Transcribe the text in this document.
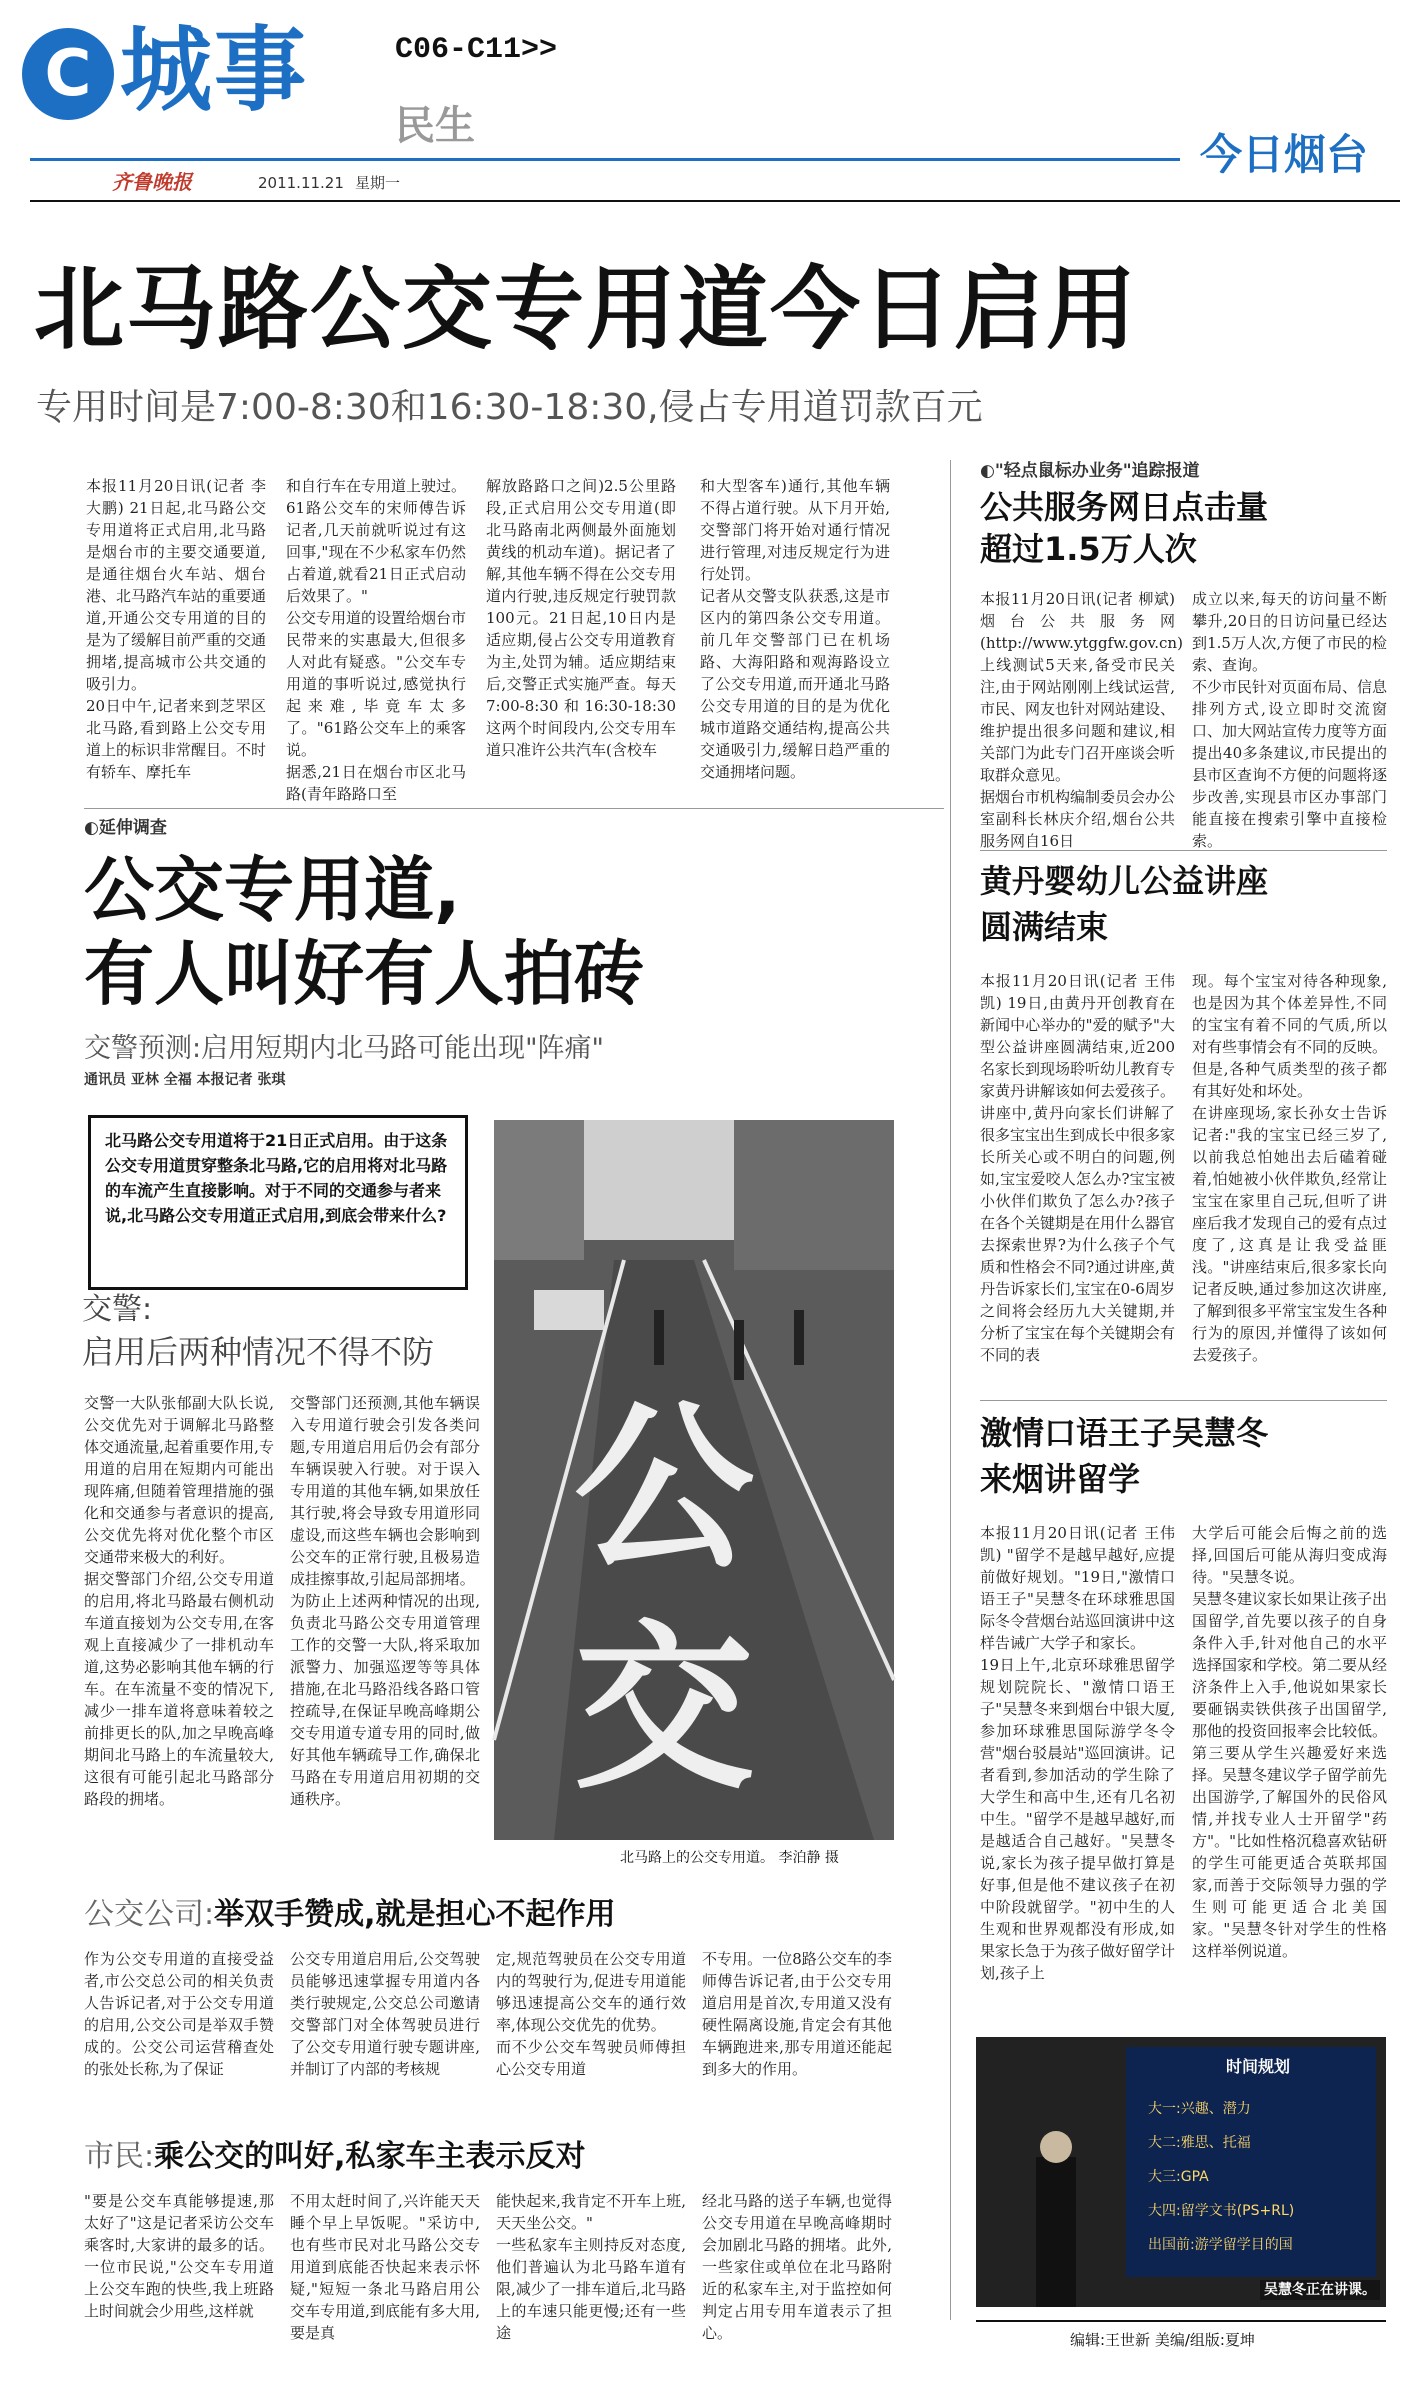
C 城事	C06-C11>>
民生
齐鲁晚报	2011.11.21 星期一
今日烟台
北马路公交专用道今日启用
专用时间是7:00-8:30和16:30-18:30,侵占专用道罚款百元
本报11月20日讯(记者 李大鹏) 21日起,北马路公交专用道将正式启用,北马路是烟台市的主要交通要道,是通往烟台火车站、烟台港、北马路汽车站的重要通道,开通公交专用道的目的是为了缓解目前严重的交通拥堵,提高城市公共交通的吸引力。
20日中午,记者来到芝罘区北马路,看到路上公交专用道上的标识非常醒目。不时有轿车、摩托车
和自行车在专用道上驶过。61路公交车的宋师傅告诉记者,几天前就听说过有这回事,"现在不少私家车仍然占着道,就看21日正式启动后效果了。"
公交专用道的设置给烟台市民带来的实惠最大,但很多人对此有疑惑。"公交车专用道的事听说过,感觉执行起来难,毕竟车太多了。"61路公交车上的乘客说。
据悉,21日在烟台市区北马路(青年路路口至
解放路路口之间)2.5公里路段,正式启用公交专用道(即北马路南北两侧最外面施划黄线的机动车道)。据记者了解,其他车辆不得在公交专用道内行驶,违反规定行驶罚款100元。21日起,10日内是适应期,侵占公交专用道教育为主,处罚为辅。适应期结束后,交警正式实施严查。每天7:00-8:30和16:30-18:30这两个时间段内,公交专用车道只准许公共汽车(含校车
和大型客车)通行,其他车辆不得占道行驶。从下月开始,交警部门将开始对通行情况进行管理,对违反规定行为进行处罚。
记者从交警支队获悉,这是市区内的第四条公交专用道。前几年交警部门已在机场路、大海阳路和观海路设立了公交专用道,而开通北马路公交专用道的目的是为优化城市道路交通结构,提高公共交通吸引力,缓解日趋严重的交通拥堵问题。
◐"轻点鼠标办业务"追踪报道
公共服务网日点击量
超过1.5万人次
本报11月20日讯(记者 柳斌) 烟台公共服务网(http://www.ytggfw.gov.cn)上线测试5天来,备受市民关注,由于网站刚刚上线试运营,市民、网友也针对网站建设、维护提出很多问题和建议,相关部门为此专门召开座谈会听取群众意见。
据烟台市机构编制委员会办公室副科长林庆介绍,烟台公共服务网自16日
成立以来,每天的访问量不断攀升,20日的日访问量已经达到1.5万人次,方便了市民的检索、查询。
不少市民针对页面布局、信息排列方式,设立即时交流窗口、加大网站宣传力度等方面提出40多条建议,市民提出的县市区查询不方便的问题将逐步改善,实现县市区办事部门能直接在搜索引擎中直接检索。
黄丹婴幼儿公益讲座
圆满结束
本报11月20日讯(记者 王伟凯) 19日,由黄丹开创教育在新闻中心举办的"爱的赋予"大型公益讲座圆满结束,近200名家长到现场聆听幼儿教育专家黄丹讲解该如何去爱孩子。
讲座中,黄丹向家长们讲解了很多宝宝出生到成长中很多家长所关心或不明白的问题,例如,宝宝爱咬人怎么办?宝宝被小伙伴们欺负了怎么办?孩子在各个关键期是在用什么器官去探索世界?为什么孩子个气质和性格会不同?通过讲座,黄丹告诉家长们,宝宝在0-6周岁之间将会经历九大关键期,并分析了宝宝在每个关键期会有不同的表
现。每个宝宝对待各种现象,也是因为其个体差异性,不同的宝宝有着不同的气质,所以对有些事情会有不同的反映。但是,各种气质类型的孩子都有其好处和坏处。
在讲座现场,家长孙女士告诉记者:"我的宝宝已经三岁了,以前我总怕她出去后磕着碰着,怕她被小伙伴欺负,经常让宝宝在家里自己玩,但听了讲座后我才发现自己的爱有点过度了,这真是让我受益匪浅。"讲座结束后,很多家长向记者反映,通过参加这次讲座,了解到很多平常宝宝发生各种行为的原因,并懂得了该如何去爱孩子。
激情口语王子吴慧冬
来烟讲留学
本报11月20日讯(记者 王伟凯) "留学不是越早越好,应提前做好规划。"19日,"激情口语王子"吴慧冬在环球雅思国际冬令营烟台站巡回演讲中这样告诫广大学子和家长。
19日上午,北京环球雅思留学规划院院长、"激情口语王子"吴慧冬来到烟台中银大厦,参加环球雅思国际游学冬令营"烟台驳晨站"巡回演讲。记者看到,参加活动的学生除了大学生和高中生,还有几名初中生。"留学不是越早越好,而是越适合自己越好。"吴慧冬说,家长为孩子提早做打算是好事,但是他不建议孩子在初中阶段就留学。"初中生的人生观和世界观都没有形成,如果家长急于为孩子做好留学计划,孩子上
大学后可能会后悔之前的选择,回国后可能从海归变成海待。"吴慧冬说。
吴慧冬建议家长如果让孩子出国留学,首先要以孩子的自身条件入手,针对他自己的水平选择国家和学校。第二要从经济条件上入手,他说如果家长要砸锅卖铁供孩子出国留学,那他的投资回报率会比较低。第三要从学生兴趣爱好来选择。吴慧冬建议学子留学前先出国游学,了解国外的民俗风情,并找专业人士开留学"药方"。"比如性格沉稳喜欢钻研的学生可能更适合英联邦国家,而善于交际领导力强的学生则可能更适合北美国家。"吴慧冬针对学生的性格这样举例说道。
时间规划
大一:兴趣、潜力
大二:雅思、托福
大三:GPA
大四:留学文书(PS+RL)
出国前:游学留学目的国
吴慧冬正在讲课。
编辑:王世新 美编/组版:夏坤
◐延伸调查
公交专用道,
有人叫好有人拍砖
交警预测:启用短期内北马路可能出现"阵痛"
通讯员 亚林 全福 本报记者 张琪
北马路公交专用道将于21日正式启用。由于这条公交专用道贯穿整条北马路,它的启用将对北马路的车流产生直接影响。对于不同的交通参与者来说,北马路公交专用道正式启用,到底会带来什么?
公交
北马路上的公交专用道。 李泊静 摄
交警:
启用后两种情况不得不防
交警一大队张郁副大队长说,公交优先对于调解北马路整体交通流量,起着重要作用,专用道的启用在短期内可能出现阵痛,但随着管理措施的强化和交通参与者意识的提高,公交优先将对优化整个市区交通带来极大的利好。
据交警部门介绍,公交专用道的启用,将北马路最右侧机动车道直接划为公交专用,在客观上直接减少了一排机动车道,这势必影响其他车辆的行车。在车流量不变的情况下,减少一排车道将意味着较之前排更长的队,加之早晚高峰期间北马路上的车流量较大,这很有可能引起北马路部分路段的拥堵。
交警部门还预测,其他车辆误入专用道行驶会引发各类问题,专用道启用后仍会有部分车辆误驶入行驶。对于误入专用道的其他车辆,如果放任其行驶,将会导致专用道形同虚设,而这些车辆也会影响到公交车的正常行驶,且极易造成挂擦事故,引起局部拥堵。
为防止上述两种情况的出现,负责北马路公交专用道管理工作的交警一大队,将采取加派警力、加强巡逻等等具体措施,在北马路沿线各路口管控疏导,在保证早晚高峰期公交专用道专道专用的同时,做好其他车辆疏导工作,确保北马路在专用道启用初期的交通秩序。
公交公司:举双手赞成,就是担心不起作用
作为公交专用道的直接受益者,市公交总公司的相关负责人告诉记者,对于公交专用道的启用,公交公司是举双手赞成的。公交公司运营稽查处的张处长称,为了保证
公交专用道启用后,公交驾驶员能够迅速掌握专用道内各类行驶规定,公交总公司邀请交警部门对全体驾驶员进行了公交专用道行驶专题讲座,并制订了内部的考核规
定,规范驾驶员在公交专用道内的驾驶行为,促进专用道能够迅速提高公交车的通行效率,体现公交优先的优势。
而不少公交车驾驶员师傅担心公交专用道
不专用。一位8路公交车的李师傅告诉记者,由于公交专用道启用是首次,专用道又没有硬性隔离设施,肯定会有其他车辆跑进来,那专用道还能起到多大的作用。
市民:乘公交的叫好,私家车主表示反对
"要是公交车真能够提速,那太好了"这是记者采访公交车乘客时,大家讲的最多的话。一位市民说,"公交车专用道上公交车跑的快些,我上班路上时间就会少用些,这样就
不用太赶时间了,兴许能天天睡个早上早饭呢。"采访中,也有些市民对北马路公交专用道到底能否快起来表示怀疑,"短短一条北马路启用公交车专用道,到底能有多大用,要是真
能快起来,我肯定不开车上班,天天坐公交。"
一些私家车主则持反对态度,他们普遍认为北马路车道有限,减少了一排车道后,北马路上的车速只能更慢;还有一些途
经北马路的送子车辆,也觉得公交专用道在早晚高峰期时会加剧北马路的拥堵。此外,一些家住或单位在北马路附近的私家车主,对于监控如何判定占用专用车道表示了担心。
